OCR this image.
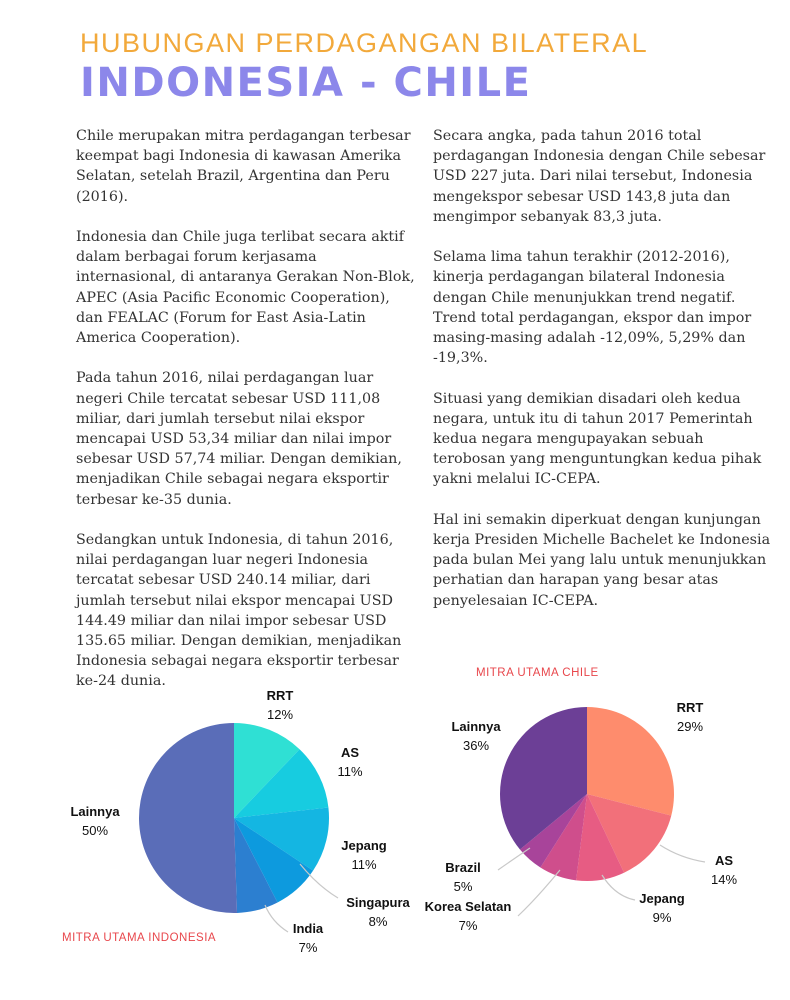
HUBUNGAN PERDAGANGAN BILATERAL
INDONESIA - CHILE

Chile merupakan mitra perdagangan terbesar keempat bagi Indonesia di kawasan Amerika Selatan, setelah Brazil, Argentina dan Peru (2016).

Indonesia dan Chile juga terlibat secara aktif dalam berbagai forum kerjasama internasional, di antaranya Gerakan Non-Blok, APEC (Asia Pacific Economic Cooperation), dan FEALAC (Forum for East Asia-Latin America Cooperation).

Pada tahun 2016, nilai perdagangan luar negeri Chile tercatat sebesar USD 111,08 miliar, dari jumlah tersebut nilai ekspor mencapai USD 53,34 miliar dan nilai impor sebesar USD 57,74 miliar. Dengan demikian, menjadikan Chile sebagai negara eksportir terbesar ke-35 dunia.

Sedangkan untuk Indonesia, di tahun 2016, nilai perdagangan luar negeri Indonesia tercatat sebesar USD 240.14 miliar, dari jumlah tersebut nilai ekspor mencapai USD 144.49 miliar dan nilai impor sebesar USD 135.65 miliar. Dengan demikian, menjadikan Indonesia sebagai negara eksportir terbesar ke-24 dunia.

Secara angka, pada tahun 2016 total perdagangan Indonesia dengan Chile sebesar USD 227 juta. Dari nilai tersebut, Indonesia mengekspor sebesar USD 143,8 juta dan mengimpor sebanyak 83,3 juta.

Selama lima tahun terakhir (2012-2016), kinerja perdagangan bilateral Indonesia dengan Chile menunjukkan trend negatif. Trend total perdagangan, ekspor dan impor masing-masing adalah -12,09%, 5,29% dan -19,3%.

Situasi yang demikian disadari oleh kedua negara, untuk itu di tahun 2017 Pemerintah kedua negara mengupayakan sebuah terobosan yang menguntungkan kedua pihak yakni melalui IC-CEPA.

Hal ini semakin diperkuat dengan kunjungan kerja Presiden Michelle Bachelet ke Indonesia pada bulan Mei yang lalu untuk menunjukkan perhatian dan harapan yang besar atas penyelesaian IC-CEPA.

RRT
12%
AS
11%
Jepang
11%
Singapura
8%
India
7%
Lainnya
50%
MITRA UTAMA INDONESIA
RRT
29%
AS
14%
Jepang
9%
Korea Selatan
7%
Brazil
5%
Lainnya
36%
MITRA UTAMA CHILE
